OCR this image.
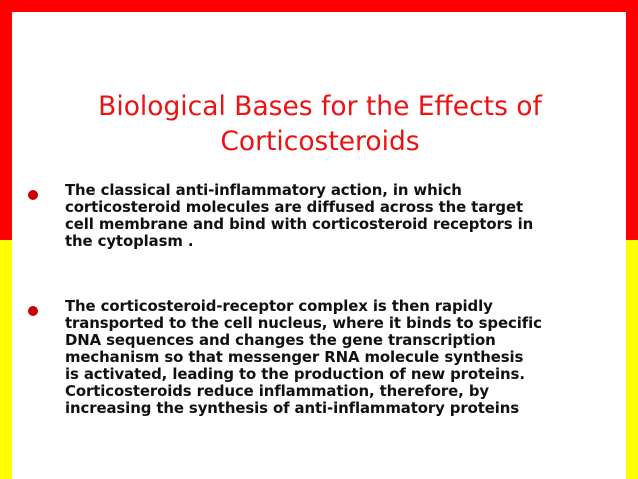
Biological Bases for the Effects of
Corticosteroids
The classical anti-inflammatory action, in which
corticosteroid molecules are diffused across the target
cell membrane and bind with corticosteroid receptors in
the cytoplasm .
The corticosteroid-receptor complex is then rapidly
transported to the cell nucleus, where it binds to specific
DNA sequences and changes the gene transcription
mechanism so that messenger RNA molecule synthesis
is activated, leading to the production of new proteins.
Corticosteroids reduce inflammation, therefore, by
increasing the synthesis of anti-inflammatory proteins
